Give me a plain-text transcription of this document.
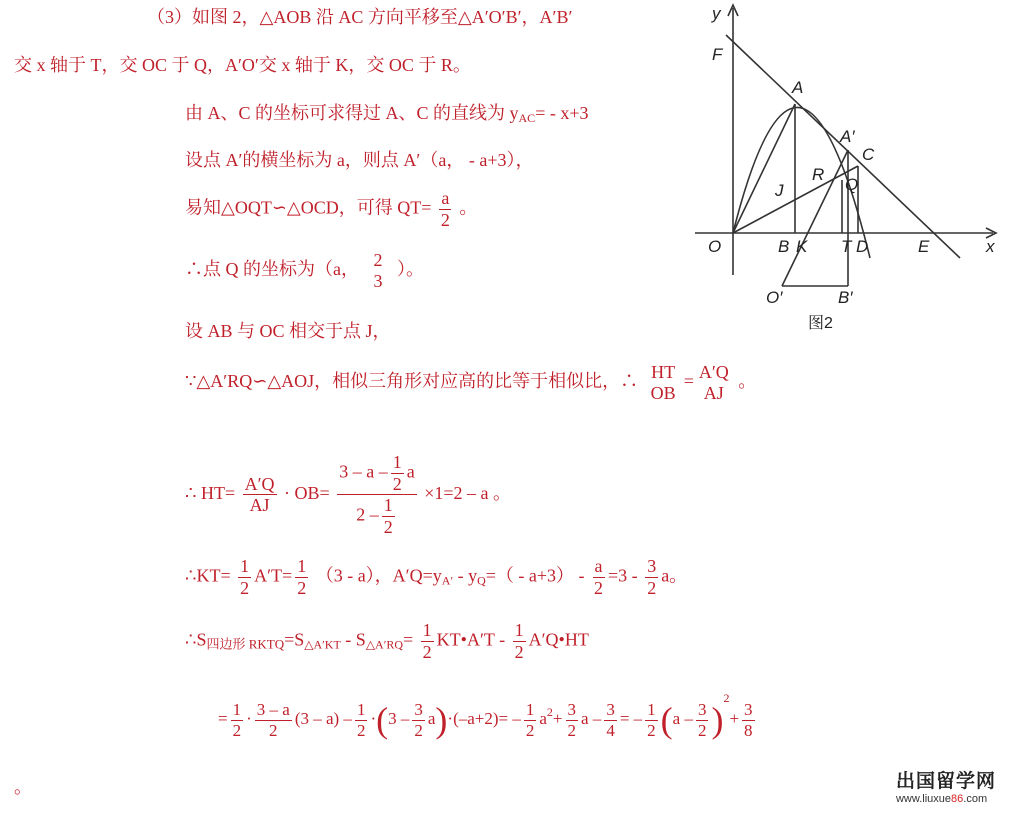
（3）如图 2，△AOB 沿 AC 方向平移至△A′O′B′，A′B′
交 x 轴于 T，交 OC 于 Q，A′O′交 x 轴于 K，交 OC 于 R。
由 A、C 的坐标可求得过 A、C 的直线为 $y_{AC}= - x+3$
设点 A′的横坐标为 a，则点 A′（a， - a+3），
易知△OQT∽△OCD，可得 $QT= \frac{a}{2}$ 。
∴点 Q 的坐标为（a， 2
3
）。
设 AB 与 OC 相交于点 J，
∵△A′RQ∽△AOJ，相似三角形对应高的比等于相似比，∴ HT
OB
= A′Q
AJ
。
∴ $HT= \frac{A'Q}{AJ} \cdot OB= \frac{3 - a - \frac{1}{2} a}{2 - \frac{1}{2}} \times 1=2 - a$ 。
∴KT= $\frac{1}{2} A'T= \frac{1}{2} (3 - a)$，$A'Q=y_{A'} - y_Q=( - a+3) - \frac{a}{2} =3 - \frac{3}{2}$ a。
$\therefore S_{四边形 RKTQ}=S_{\triangle A'KT} - S_{\triangle A'RQ}= \frac{1}{2}$ KT•A′T - $\frac{1}{2}$ A′Q•HT
= $\frac{1}{2} \cdot \frac{3 - a}{2} (3 - a) - \frac{1}{2} \cdot(3 - \frac{3}{2} a)\cdot(-a+2)= - \frac{1}{2} a^2+ \frac{3}{2}$ a – $\frac{3}{4}$ = – $\frac{1}{2} (a - \frac{3}{2} )^2+ \frac{3}{8}$
。
y
x
F
A
A′
C
R
J	Q
O	B K T D	E
O′	B′
图2
出国留学网
www.liuxue86.com
